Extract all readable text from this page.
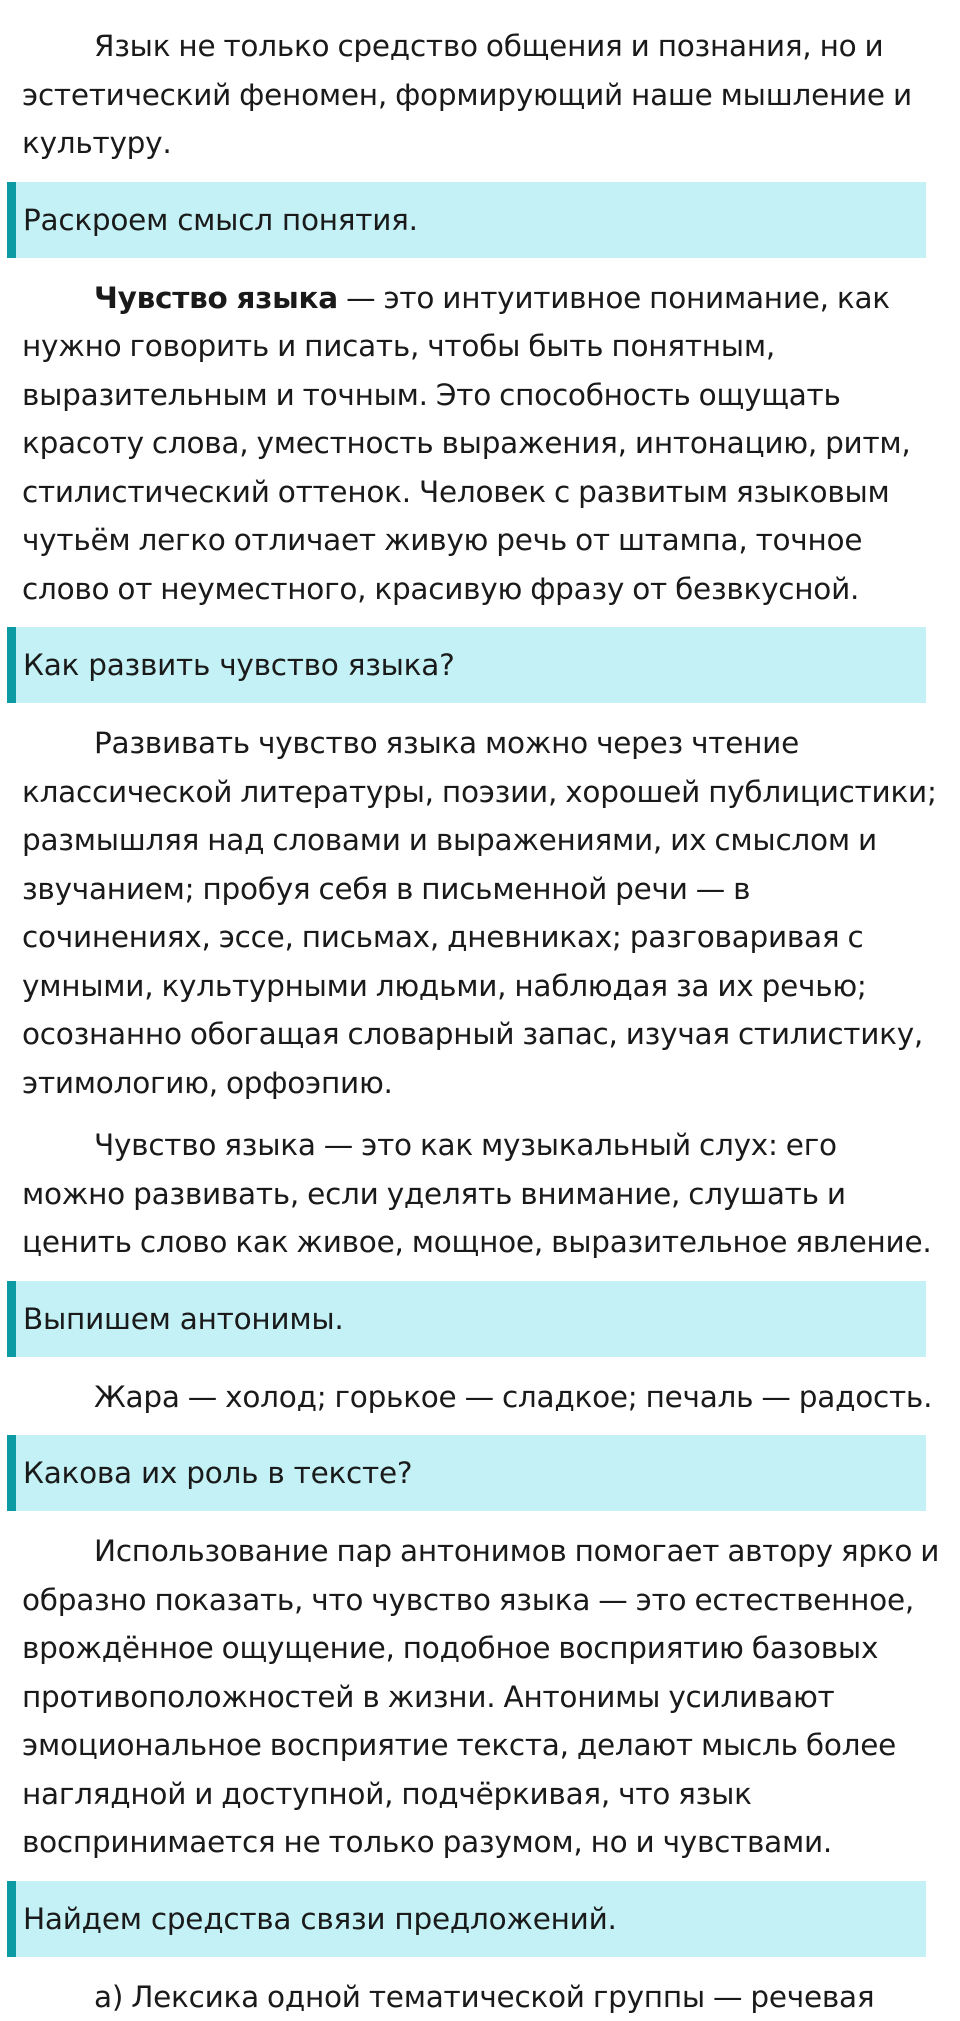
Язык не только средство общения и познания, но и эстетический феномен, формирующий наше мышление и культуру.

Раскроем смысл понятия.

Чувство языка — это интуитивное понимание, как нужно говорить и писать, чтобы быть понятным, выразительным и точным. Это способность ощущать красоту слова, уместность выражения, интонацию, ритм, стилистический оттенок. Человек с развитым языковым чутьём легко отличает живую речь от штампа, точное слово от неуместного, красивую фразу от безвкусной.

Как развить чувство языка?

Развивать чувство языка можно через чтение классической литературы, поэзии, хорошей публицистики; размышляя над словами и выражениями, их смыслом и звучанием; пробуя себя в письменной речи — в сочинениях, эссе, письмах, дневниках; разговаривая с умными, культурными людьми, наблюдая за их речью; осознанно обогащая словарный запас, изучая стилистику, этимологию, орфоэпию.

Чувство языка — это как музыкальный слух: его можно развивать, если уделять внимание, слушать и ценить слово как живое, мощное, выразительное явление.

Выпишем антонимы.

Жара — холод; горькое — сладкое; печаль — радость.

Какова их роль в тексте?

Использование пар антонимов помогает автору ярко и образно показать, что чувство языка — это естественное, врождённое ощущение, подобное восприятию базовых противоположностей в жизни. Антонимы усиливают эмоциональное восприятие текста, делают мысль более наглядной и доступной, подчёркивая, что язык воспринимается не только разумом, но и чувствами.

Найдем средства связи предложений.

а) Лексика одной тематической группы — речевая
